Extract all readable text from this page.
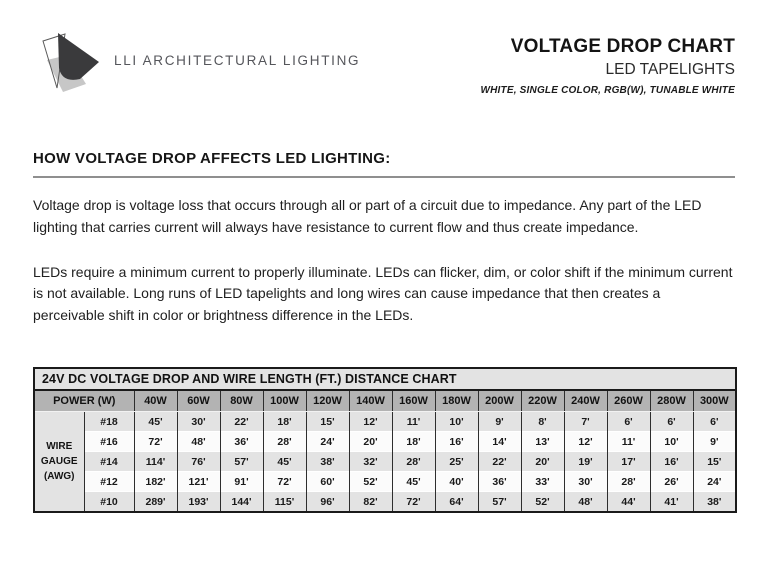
LLI ARCHITECTURAL LIGHTING
VOLTAGE DROP CHART
LED TAPELIGHTS
WHITE, SINGLE COLOR, RGB(W), TUNABLE WHITE
HOW VOLTAGE DROP AFFECTS LED LIGHTING:

Voltage drop is voltage loss that occurs through all or part of a circuit due to impedance. Any part of the LED lighting that carries current will always have resistance to current flow and thus create impedance.

LEDs require a minimum current to properly illuminate. LEDs can flicker, dim, or color shift if the minimum current is not available. Long runs of LED tapelights and long wires can cause impedance that then creates a perceivable shift in color or brightness difference in the LEDs.

24V DC VOLTAGE DROP AND WIRE LENGTH (FT.) DISTANCE CHART															
POWER (W)		40W	60W	80W	100W	120W	140W	160W	180W	200W	220W	240W	260W	280W	300W
WIRE GAUGE (AWG)	#18	45'	30'	22'	18'	15'	12'	11'	10'	9'	8'	7'	6'	6'	6'
	#16	72'	48'	36'	28'	24'	20'	18'	16'	14'	13'	12'	11'	10'	9'
	#14	114'	76'	57'	45'	38'	32'	28'	25'	22'	20'	19'	17'	16'	15'
	#12	182'	121'	91'	72'	60'	52'	45'	40'	36'	33'	30'	28'	26'	24'
	#10	289'	193'	144'	115'	96'	82'	72'	64'	57'	52'	48'	44'	41'	38'
